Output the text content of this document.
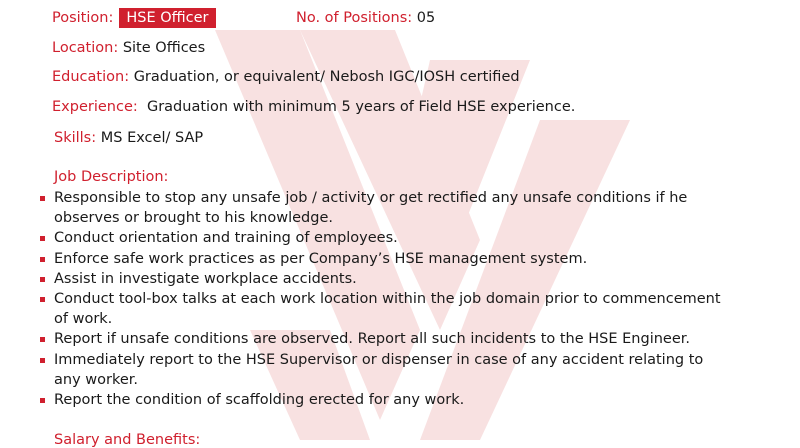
Position: HSE Officer	No. of Positions: 05
Location: Site Offices
Education: Graduation, or equivalent/ Nebosh IGC/IOSH certified
Experience: Graduation with minimum 5 years of Field HSE experience.
Skills: MS Excel/ SAP
Job Description:
Responsible to stop any unsafe job / activity or get rectified any unsafe conditions if he
observes or brought to his knowledge.
Conduct orientation and training of employees.
Enforce safe work practices as per Company’s HSE management system.
Assist in investigate workplace accidents.
Conduct tool-box talks at each work location within the job domain prior to commencement
of work.
Report if unsafe conditions are observed. Report all such incidents to the HSE Engineer.
Immediately report to the HSE Supervisor or dispenser in case of any accident relating to
any worker.
Report the condition of scaffolding erected for any work.
Salary and Benefits:
